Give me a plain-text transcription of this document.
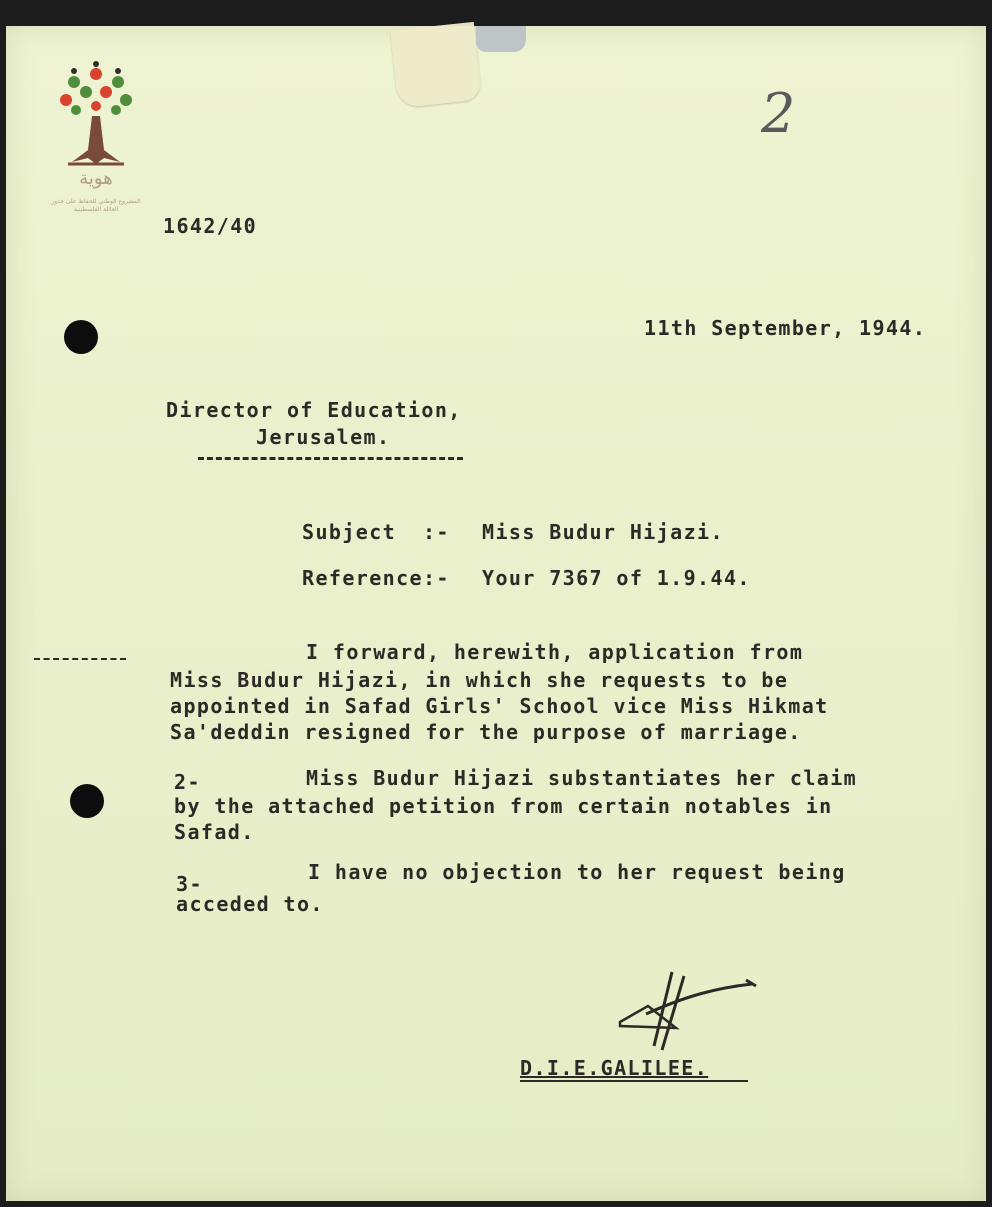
هوية
المشروع الوطني للحفاظ على جذور العائلة الفلسطينية
2
1642/40
11th September, 1944.
Director of Education,
Jerusalem.
Subject  :- Miss Budur Hijazi.
Reference:- Your 7367 of 1.9.44.
I forward, herewith, application from
Miss Budur Hijazi, in which she requests to be
appointed in Safad Girls' School vice Miss Hikmat
Sa'deddin resigned for the purpose of marriage.
2-	Miss Budur Hijazi substantiates her claim
by the attached petition from certain notables in
Safad.
3-	I have no objection to her request being
acceded to.
D.I.E.GALILEE.
